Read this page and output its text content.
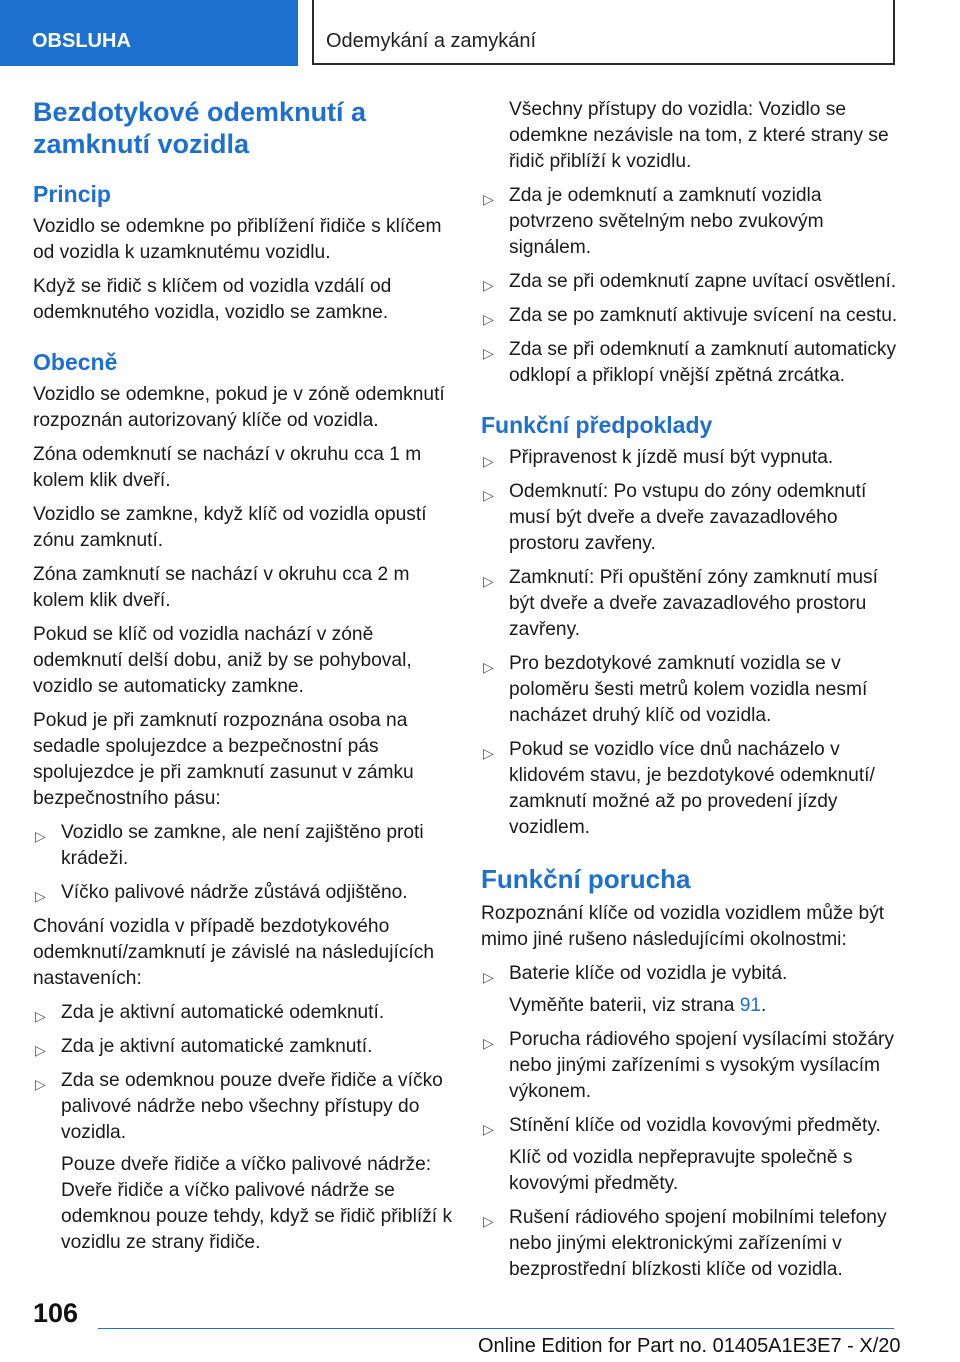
OBSLUHA	Odemykání a zamykání
Bezdotykové odemknutí a zamknutí vozidla
Princip

Vozidlo se odemkne po přiblížení řidiče s klíčem od vozidla k uzamknutému vozidlu.

Když se řidič s klíčem od vozidla vzdálí od odemknutého vozidla, vozidlo se zamkne.

Obecně

Vozidlo se odemkne, pokud je v zóně odemknutí rozpoznán autorizovaný klíče od vozidla.

Zóna odemknutí se nachází v okruhu cca 1 m kolem klik dveří.

Vozidlo se zamkne, když klíč od vozidla opustí zónu zamknutí.

Zóna zamknutí se nachází v okruhu cca 2 m kolem klik dveří.

Pokud se klíč od vozidla nachází v zóně odemknutí delší dobu, aniž by se pohyboval, vozidlo se automaticky zamkne.

Pokud je při zamknutí rozpoznána osoba na sedadle spolujezdce a bezpečnostní pás spolujezdce je při zamknutí zasunut v zámku bezpečnostního pásu:

▷ Vozidlo se zamkne, ale není zajištěno proti krádeži.
▷ Víčko palivové nádrže zůstává odjištěno.

Chování vozidla v případě bezdotykového odemknutí/zamknutí je závislé na následujících nastaveních:

▷ Zda je aktivní automatické odemknutí.
▷ Zda je aktivní automatické zamknutí.
▷ Zda se odemknou pouze dveře řidiče a víčko palivové nádrže nebo všechny přístupy do vozidla.

Pouze dveře řidiče a víčko palivové nádrže: Dveře řidiče a víčko palivové nádrže se odemknou pouze tehdy, když se řidič přiblíží k vozidlu ze strany řidiče.

Všechny přístupy do vozidla: Vozidlo se odemkne nezávisle na tom, z které strany se řidič přiblíží k vozidlu.

▷ Zda je odemknutí a zamknutí vozidla potvrzeno světelným nebo zvukovým signálem.
▷ Zda se při odemknutí zapne uvítací osvětlení.
▷ Zda se po zamknutí aktivuje svícení na cestu.
▷ Zda se při odemknutí a zamknutí automaticky odklopí a přiklopí vnější zpětná zrcátka.
Funkční předpoklady
▷ Připravenost k jízdě musí být vypnuta.
▷ Odemknutí: Po vstupu do zóny odemknutí musí být dveře a dveře zavazadlového prostoru zavřeny.
▷ Zamknutí: Při opuštění zóny zamknutí musí být dveře a dveře zavazadlového prostoru zavřeny.
▷ Pro bezdotykové zamknutí vozidla se v poloměru šesti metrů kolem vozidla nesmí nacházet druhý klíč od vozidla.
▷ Pokud se vozidlo více dnů nacházelo v klidovém stavu, je bezdotykové odemknutí/ zamknutí možné až po provedení jízdy vozidlem.
Funkční porucha

Rozpoznání klíče od vozidla vozidlem může být mimo jiné rušeno následujícími okolnostmi:

▷ Baterie klíče od vozidla je vybitá.

Vyměňte baterii, viz strana 91.

▷ Porucha rádiového spojení vysílacími stožáry nebo jinými zařízeními s vysokým vysílacím výkonem.
▷ Stínění klíče od vozidla kovovými předměty.

Klíč od vozidla nepřepravujte společně s kovovými předměty.

▷ Rušení rádiového spojení mobilními telefony nebo jinými elektronickými zařízeními v bezprostřední blízkosti klíče od vozidla.
106
Online Edition for Part no. 01405A1E3E7 - X/20
